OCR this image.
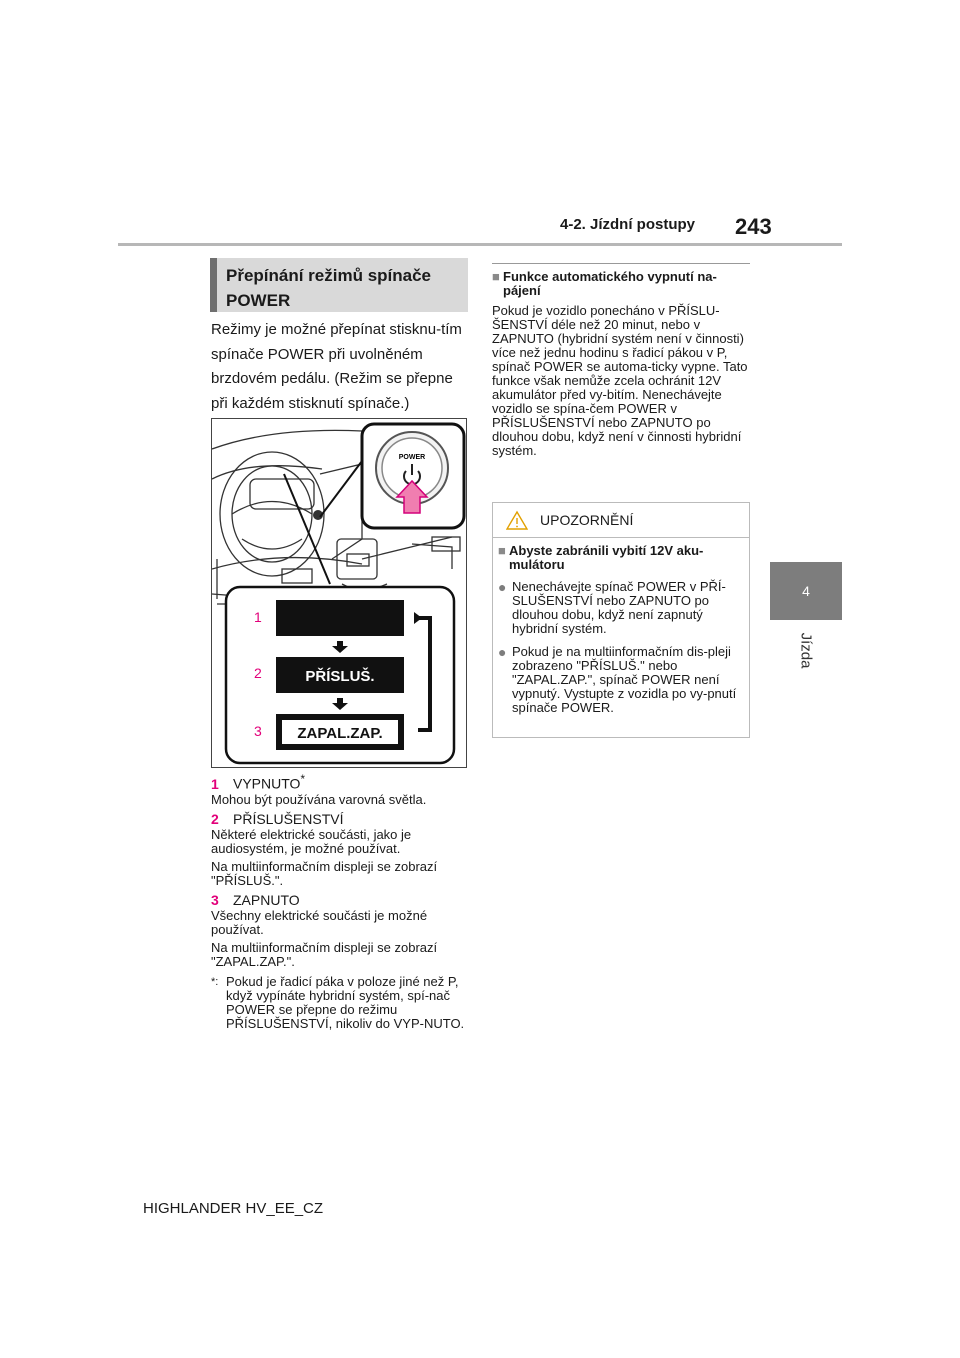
4-2. Jízdní postupy 243
4
Jízda
Přepínání režimů spínače POWER
Režimy je možné přepínat stisknu-tím spínače POWER při uvolněném brzdovém pedálu. (Režim se přepne při každém stisknutí spínače.)
POWER
1
2
3
PŘÍSLUŠ.
ZAPAL.ZAP.
1 VYPNUTO*

Mohou být používána varovná světla.

2 PŘÍSLUŠENSTVÍ

Některé elektrické součásti, jako je audiosystém, je možné používat.

Na multiinformačním displeji se zobrazí "PŘÍSLUŠ.".

3 ZAPNUTO

Všechny elektrické součásti je možné používat.

Na multiinformačním displeji se zobrazí "ZAPAL.ZAP.".

*: Pokud je řadicí páka v poloze jiné než P, když vypínáte hybridní systém, spí-nač POWER se přepne do režimu PŘÍSLUŠENSTVÍ, nikoliv do VYP-NUTO.
■ Funkce automatického vypnutí na-pájení
Pokud je vozidlo ponecháno v PŘÍSLU-ŠENSTVÍ déle než 20 minut, nebo v ZAPNUTO (hybridní systém není v činnosti) více než jednu hodinu s řadicí pákou v P, spínač POWER se automa-ticky vypne. Tato funkce však nemůže zcela ochránit 12V akumulátor před vy-bitím. Nenechávejte vozidlo se spína-čem POWER v PŘÍSLUŠENSTVÍ nebo ZAPNUTO po dlouhou dobu, když není v činnosti hybridní systém.
UPOZORNĚNÍ
■ Abyste zabránili vybití 12V aku-mulátoru
● Nenechávejte spínač POWER v PŘÍ-SLUŠENSTVÍ nebo ZAPNUTO po dlouhou dobu, když není zapnutý hybridní systém.
● Pokud je na multiinformačním dis-pleji zobrazeno "PŘÍSLUŠ." nebo "ZAPAL.ZAP.", spínač POWER není vypnutý. Vystupte z vozidla po vy-pnutí spínače POWER.
HIGHLANDER HV_EE_CZ
